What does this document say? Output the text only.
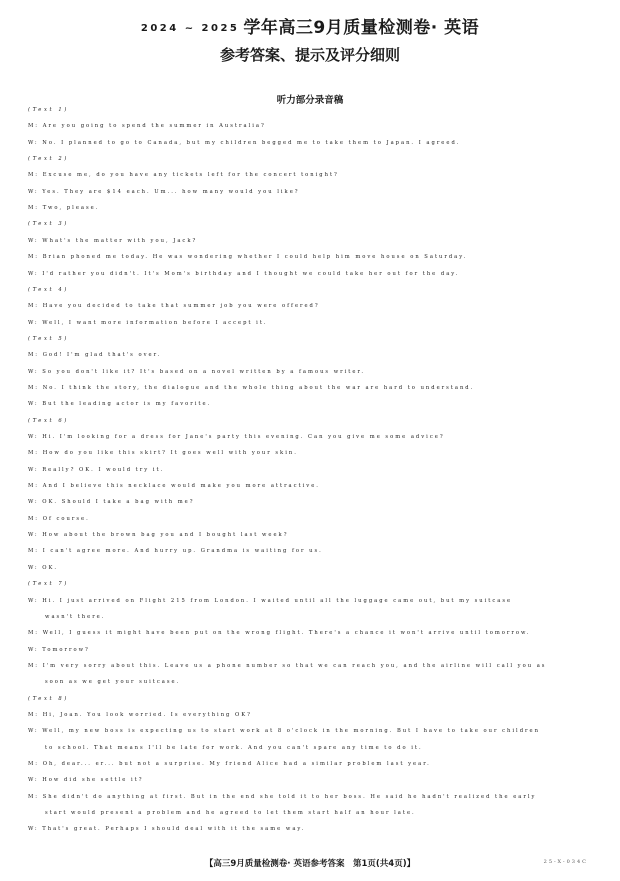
2024 ~ 2025 学年高三9月质量检测卷· 英语
参考答案、提示及评分细则
听力部分录音稿
(Text 1)
M: Are you going to spend the summer in Australia?
W: No. I planned to go to Canada, but my children begged me to take them to Japan. I agreed.
(Text 2)
M: Excuse me, do you have any tickets left for the concert tonight?
W: Yes. They are $14 each. Um... how many would you like?
M: Two, please.
(Text 3)
W: What's the matter with you, Jack?
M: Brian phoned me today. He was wondering whether I could help him move house on Saturday.
W: I'd rather you didn't. It's Mom's birthday and I thought we could take her out for the day.
(Text 4)
M: Have you decided to take that summer job you were offered?
W: Well, I want more information before I accept it.
(Text 5)
M: God! I'm glad that's over.
W: So you don't like it? It's based on a novel written by a famous writer.
M: No. I think the story, the dialogue and the whole thing about the war are hard to understand.
W: But the leading actor is my favorite.
(Text 6)
W: Hi. I'm looking for a dress for Jane's party this evening. Can you give me some advice?
M: How do you like this skirt? It goes well with your skin.
W: Really? OK. I would try it.
M: And I believe this necklace would make you more attractive.
W: OK. Should I take a bag with me?
M: Of course.
W: How about the brown bag you and I bought last week?
M: I can't agree more. And hurry up. Grandma is waiting for us.
W: OK.
(Text 7)
W: Hi. I just arrived on Flight 215 from London. I waited until all the luggage came out, but my suitcase
wasn't there.
M: Well, I guess it might have been put on the wrong flight. There's a chance it won't arrive until tomorrow.
W: Tomorrow?
M: I'm very sorry about this. Leave us a phone number so that we can reach you, and the airline will call you as
soon as we get your suitcase.
(Text 8)
M: Hi, Joan. You look worried. Is everything OK?
W: Well, my new boss is expecting us to start work at 8 o'clock in the morning. But I have to take our children
to school. That means I'll be late for work. And you can't spare any time to do it.
M: Oh, dear... er... but not a surprise. My friend Alice had a similar problem last year.
W: How did she settle it?
M: She didn't do anything at first. But in the end she told it to her boss. He said he hadn't realized the early
start would present a problem and he agreed to let them start half an hour late.
W: That's great. Perhaps I should deal with it the same way.
【高三9月质量检测卷· 英语参考答案　第1页(共4页)】	25-X-034C
